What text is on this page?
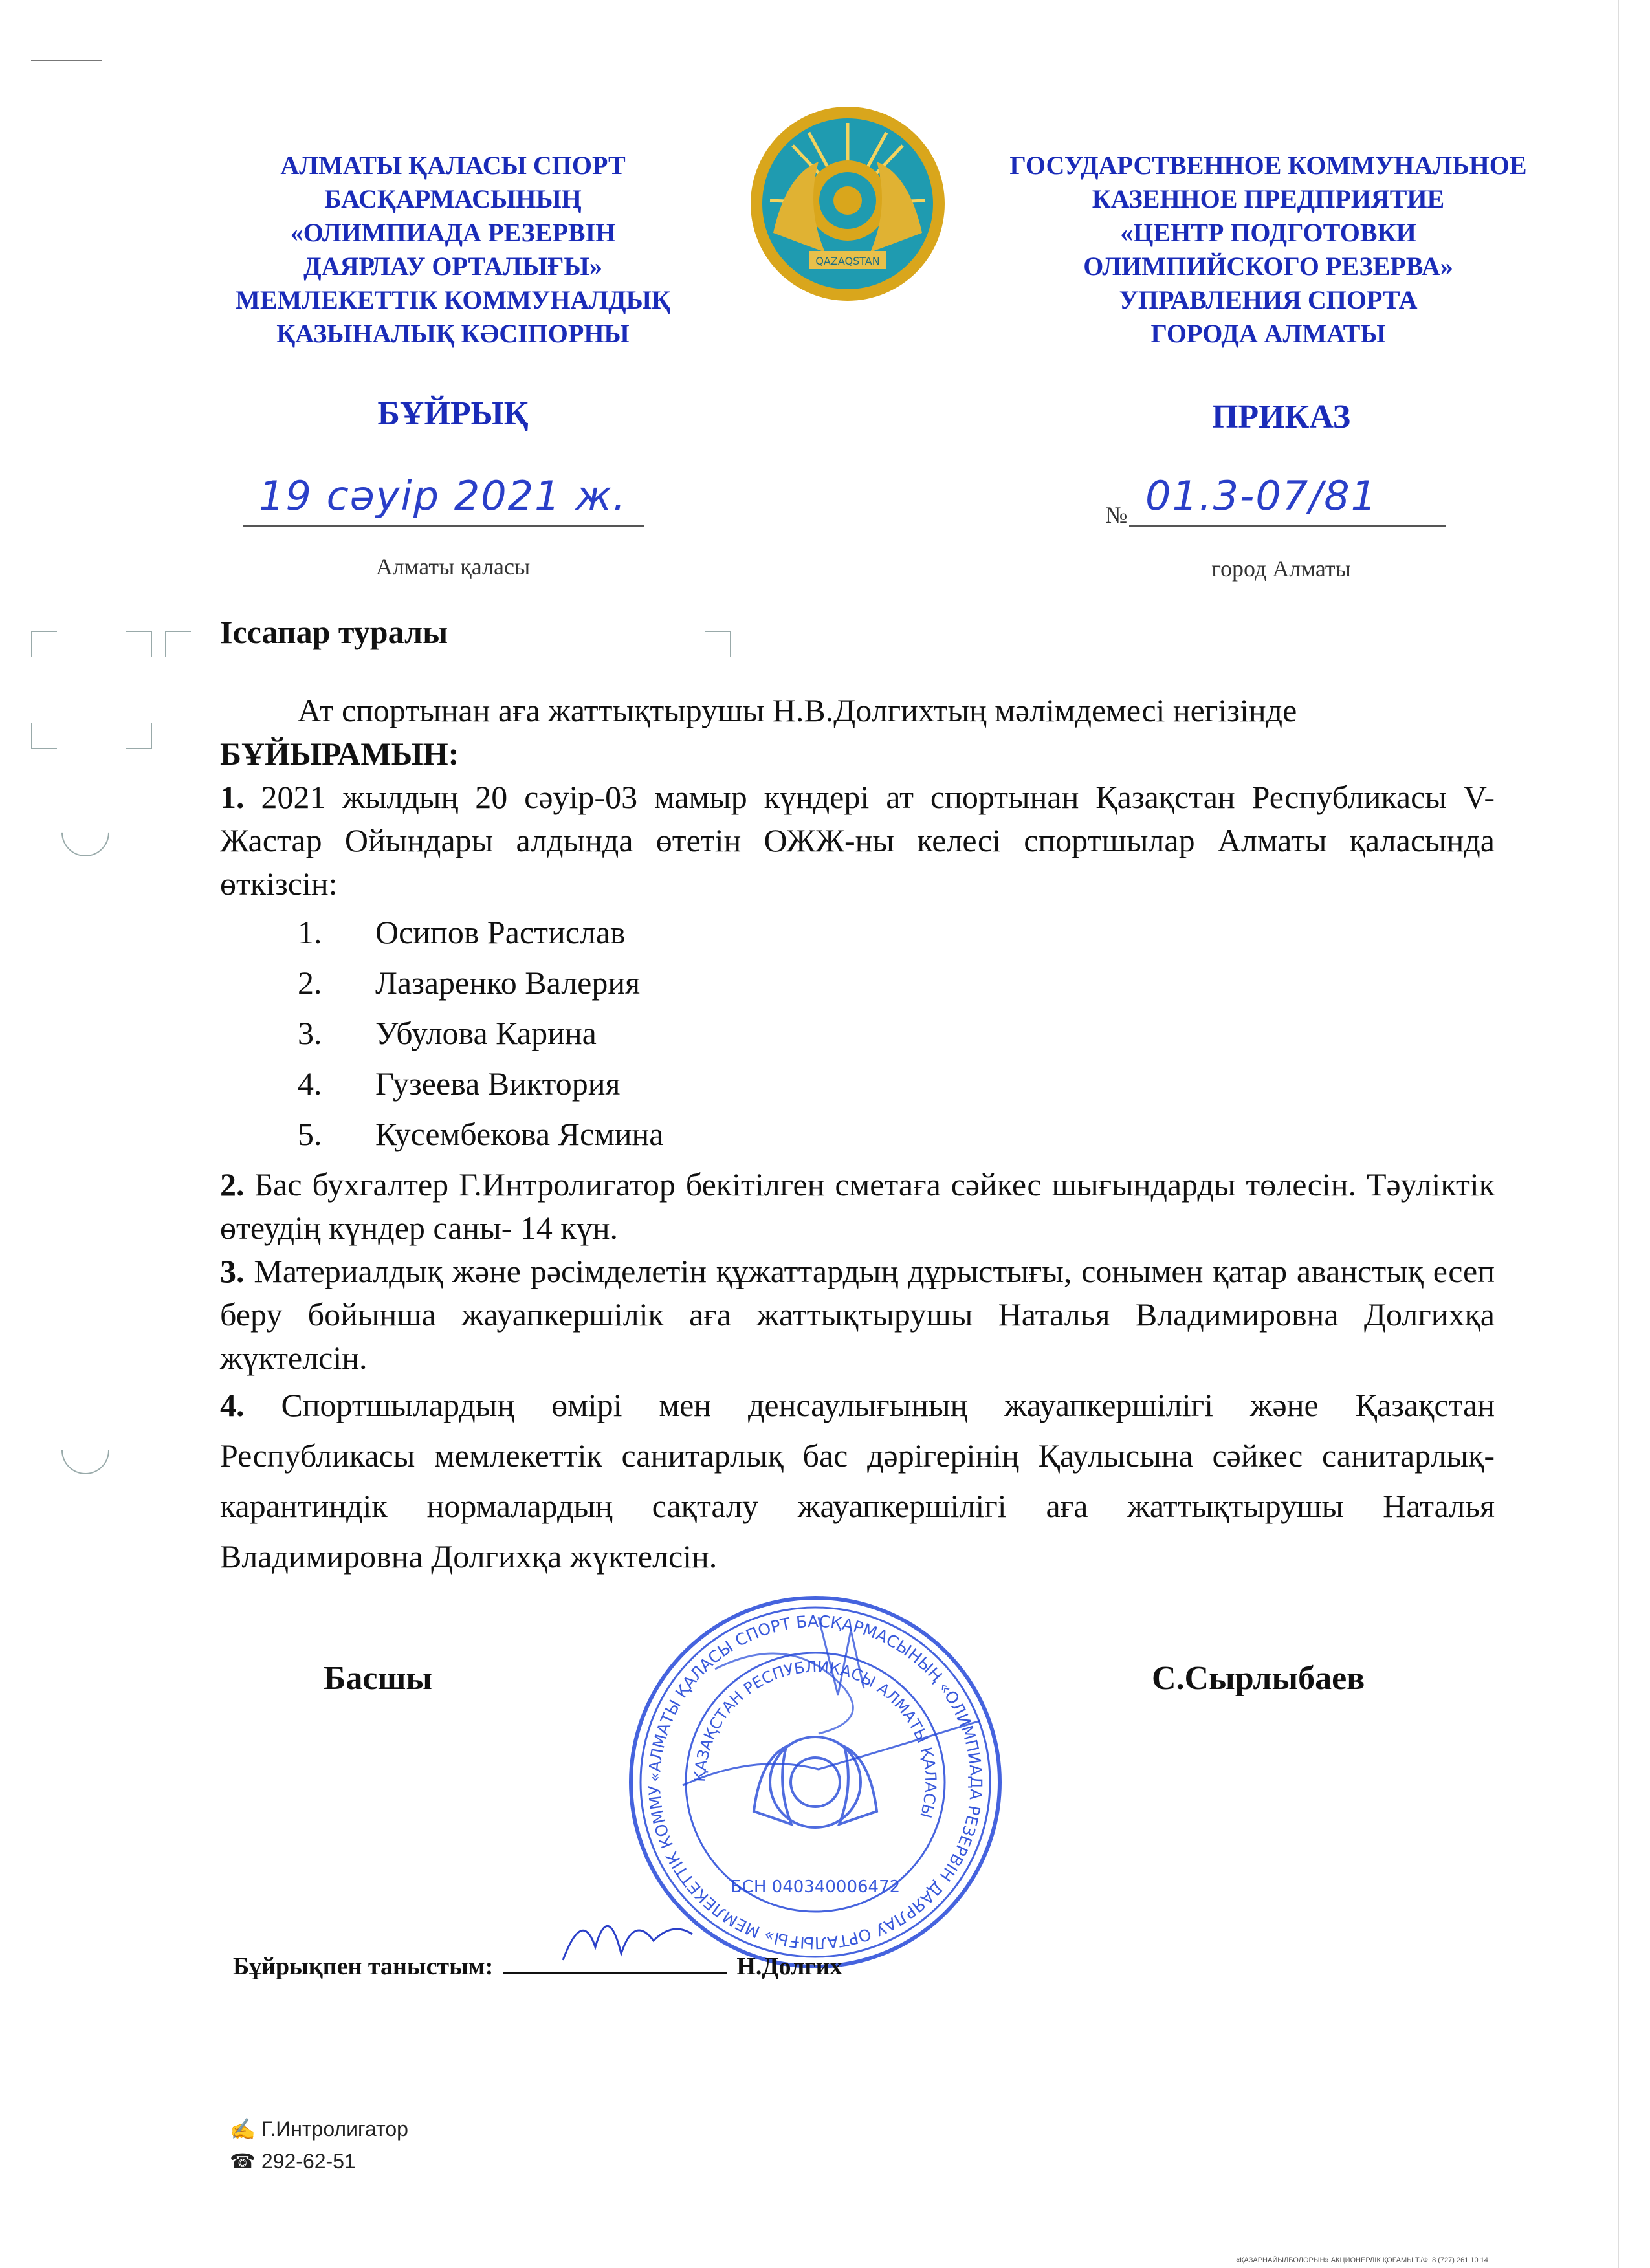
АЛМАТЫ ҚАЛАСЫ СПОРТ
БАСҚАРМАСЫНЫҢ
«ОЛИМПИАДА РЕЗЕРВІН
ДАЯРЛАУ ОРТАЛЫҒЫ»
МЕМЛЕКЕТТІК КОММУНАЛДЫҚ
ҚАЗЫНАЛЫҚ КӘСІПОРНЫ
QAZAQSTAN
ГОСУДАРСТВЕННОЕ КОММУНАЛЬНОЕ
КАЗЕННОЕ ПРЕДПРИЯТИЕ
«ЦЕНТР ПОДГОТОВКИ
ОЛИМПИЙСКОГО РЕЗЕРВА»
УПРАВЛЕНИЯ СПОРТА
ГОРОДА АЛМАТЫ
БҰЙРЫҚ	ПРИКАЗ
19 сәуір 2021 ж.
Алматы қаласы
№ 01.3-07/81
город Алматы
Іссапар туралы
Ат спортынан аға жаттықтырушы Н.В.Долгихтың мәлімдемесі негізінде
БҰЙЫРАМЫН:
1. 2021 жылдың 20 сәуір-03 мамыр күндері ат спортынан Қазақстан Республикасы V-Жастар Ойындары алдында өтетін ОЖЖ-ны келесі спортшылар Алматы қаласында өткізсін:
1.	Осипов Растислав
2.	Лазаренко Валерия
3.	Убулова Карина
4.	Гузеева Виктория
5.	Кусембекова Ясмина
2. Бас бухгалтер Г.Интролигатор бекітілген сметаға сәйкес шығындарды төлесін. Тәуліктік өтеудің күндер саны- 14 күн.
3. Материалдық және рәсімделетін құжаттардың дұрыстығы, сонымен қатар аванстық есеп беру бойынша жауапкершілік аға жаттықтырушы Наталья Владимировна Долгихқа жүктелсін.
4. Спортшылардың өмірі мен денсаулығының жауапкершілігі және Қазақстан Республикасы мемлекеттік санитарлық бас дәрігерінің Қаулысына сәйкес санитарлық-карантиндік нормалардың сақталу жауапкершілігі аға жаттықтырушы Наталья Владимировна Долгихқа жүктелсін.
«АЛМАТЫ ҚАЛАСЫ СПОРТ БАСҚАРМАСЫНЫҢ «ОЛИМПИАДА РЕЗЕРВІН ДАЯРЛАУ ОРТАЛЫҒЫ» МЕМЛЕКЕТТІК КОММУ
ҚАЗАҚСТАН РЕСПУБЛИКАСЫ АЛМАТЫ ҚАЛАСЫ
БСН 040340006472
Басшы	С.Сырлыбаев
Бұйрықпен таныстым:	Н.Долгих
✍ Г.Интролигатор
☎ 292-62-51
«ҚАЗАРНАЙЫЛБОЛОРЫН» АКЦИОНЕРЛІК ҚОҒАМЫ Т./Ф. 8 (727) 261 10 14
